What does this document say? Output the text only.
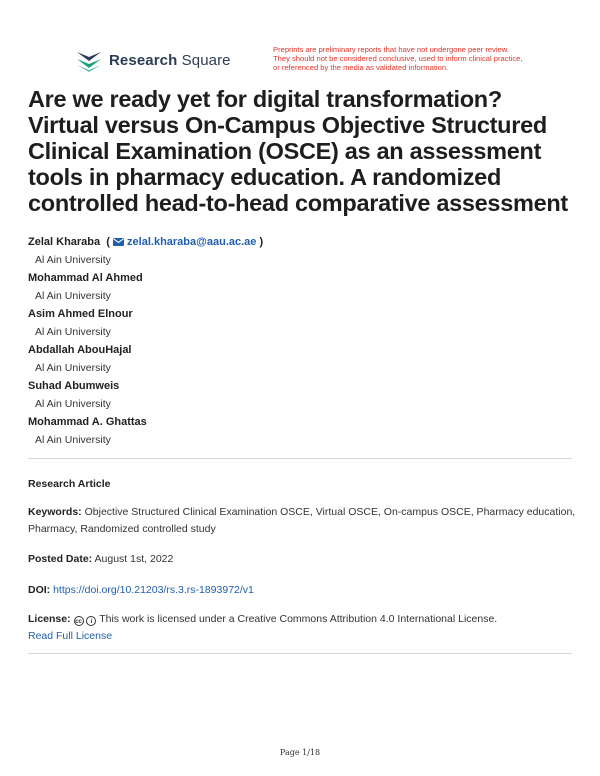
Research Square
Preprints are preliminary reports that have not undergone peer review.
They should not be considered conclusive, used to inform clinical practice,
or referenced by the media as validated information.
Are we ready yet for digital transformation? Virtual versus On-Campus Objective Structured Clinical Examination (OSCE) as an assessment tools in pharmacy education. A randomized controlled head-to-head comparative assessment
Zelal Kharaba  (  zelal.kharaba@aau.ac.ae )
Al Ain University
Mohammad Al Ahmed
Al Ain University
Asim Ahmed Elnour
Al Ain University
Abdallah AbouHajal
Al Ain University
Suhad Abumweis
Al Ain University
Mohammad A. Ghattas
Al Ain University
Research Article
Keywords: Objective Structured Clinical Examination OSCE, Virtual OSCE, On-campus OSCE, Pharmacy education, Pharmacy, Randomized controlled study
Posted Date: August 1st, 2022
DOI: https://doi.org/10.21203/rs.3.rs-1893972/v1
License: cc i This work is licensed under a Creative Commons Attribution 4.0 International License.
Read Full License
Page 1/18
